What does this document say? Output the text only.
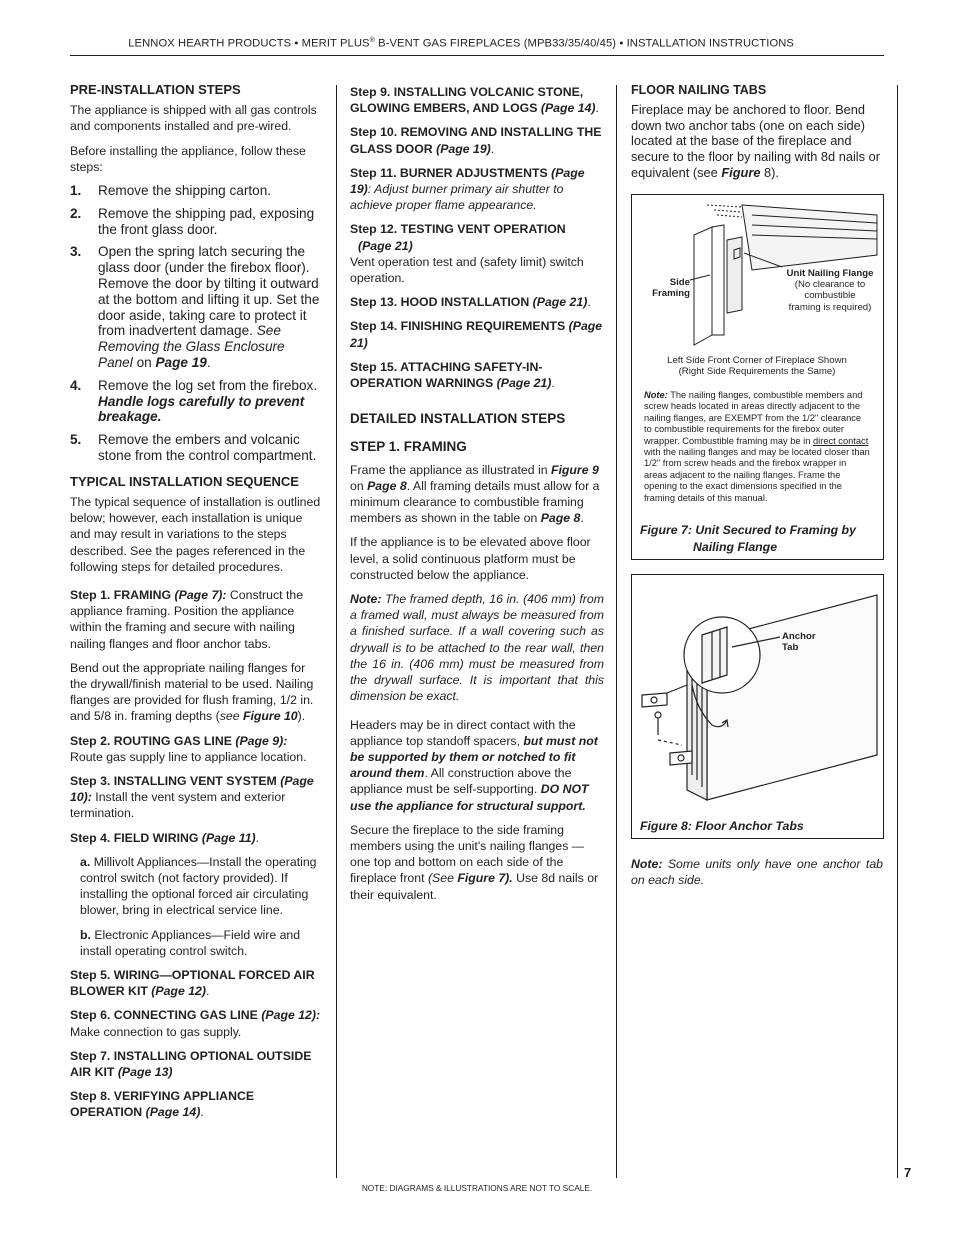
LENNOX HEARTH PRODUCTS • MERIT PLUS® B-VENT GAS FIREPLACES (MPB33/35/40/45) • INSTALLATION INSTRUCTIONS
PRE-INSTALLATION STEPS

The appliance is shipped with all gas controls and components installed and pre-wired.

Before installing the appliance, follow these steps:

1. Remove the shipping carton.
2. Remove the shipping pad, exposing the front glass door.
3. Open the spring latch securing the glass door (under the firebox floor). Remove the door by tilting it outward at the bottom and lifting it up. Set the door aside, taking care to protect it from inadvertent damage. See Removing the Glass Enclosure Panel on Page 19.
4. Remove the log set from the firebox. Handle logs carefully to prevent breakage.
5. Remove the embers and volcanic stone from the control compartment.
TYPICAL INSTALLATION SEQUENCE

The typical sequence of installation is outlined below; however, each installation is unique and may result in variations to the steps described. See the pages referenced in the following steps for detailed procedures.

Step 1. FRAMING (Page 7): Construct the appliance framing. Position the appliance within the framing and secure with nailing nailing flanges and floor anchor tabs.

Bend out the appropriate nailing flanges for the drywall/finish material to be used. Nailing flanges are provided for flush framing, 1/2 in. and 5/8 in. framing depths (see Figure 10).

Step 2. ROUTING GAS LINE (Page 9): Route gas supply line to appliance location.

Step 3. INSTALLING VENT SYSTEM (Page 10): Install the vent system and exterior termination.

Step 4. FIELD WIRING (Page 11).

a. Millivolt Appliances—Install the operating control switch (not factory provided). If installing the optional forced air circulating blower, bring in electrical service line.

b. Electronic Appliances—Field wire and install operating control switch.

Step 5. WIRING—OPTIONAL FORCED AIR BLOWER KIT (Page 12).

Step 6. CONNECTING GAS LINE (Page 12): Make connection to gas supply.

Step 7. INSTALLING OPTIONAL OUTSIDE AIR KIT (Page 13)

Step 8. VERIFYING APPLIANCE OPERATION (Page 14).

Step 9. INSTALLING VOLCANIC STONE, GLOWING EMBERS, AND LOGS (Page 14).

Step 10. REMOVING AND INSTALLING THE GLASS DOOR (Page 19).

Step 11. BURNER ADJUSTMENTS (Page 19): Adjust burner primary air shutter to achieve proper flame appearance.

Step 12. TESTING VENT OPERATION
(Page 21)
Vent operation test and (safety limit) switch operation.

Step 13. HOOD INSTALLATION (Page 21).

Step 14. FINISHING REQUIREMENTS (Page 21)

Step 15. ATTACHING SAFETY-IN-OPERATION WARNINGS (Page 21).

DETAILED INSTALLATION STEPS
STEP 1. FRAMING

Frame the appliance as illustrated in Figure 9 on Page 8. All framing details must allow for a minimum clearance to combustible framing members as shown in the table on Page 8.

If the appliance is to be elevated above floor level, a solid continuous platform must be constructed below the appliance.

Note: The framed depth, 16 in. (406 mm) from a framed wall, must always be measured from a finished surface. If a wall covering such as drywall is to be attached to the rear wall, then the 16 in. (406 mm) must be measured from the drywall surface. It is important that this dimension be exact.

Headers may be in direct contact with the appliance top standoff spacers, but must not be supported by them or notched to fit around them. All construction above the appliance must be self-supporting. DO NOT use the appliance for structural support.

Secure the fireplace to the side framing members using the unit's nailing flanges — one top and bottom on each side of the fireplace front (See Figure 7). Use 8d nails or their equivalent.

FLOOR NAILING TABS

Fireplace may be anchored to floor. Bend down two anchor tabs (one on each side) located at the base of the fireplace and secure to the floor by nailing with 8d nails or equivalent (see Figure 8).

Side
Framing
Unit Nailing Flange
(No clearance to
combustible
framing is required)
Left Side Front Corner of Fireplace Shown
(Right Side Requirements the Same)
Note: The nailing flanges, combustible members and screw heads located in areas directly adjacent to the nailing flanges, are EXEMPT from the 1/2" clearance to combustible requirements for the firebox outer wrapper. Combustible framing may be in direct contact with the nailing flanges and may be located closer than 1/2" from screw heads and the firebox wrapper in areas adjacent to the nailing flanges. Frame the opening to the exact dimensions specified in the framing details of this manual.
Figure 7: Unit Secured to Framing by
Nailing Flange
Anchor
Tab
Figure 8: Floor Anchor Tabs
Note: Some units only have one anchor tab on each side.
7
NOTE: DIAGRAMS & ILLUSTRATIONS ARE NOT TO SCALE.
